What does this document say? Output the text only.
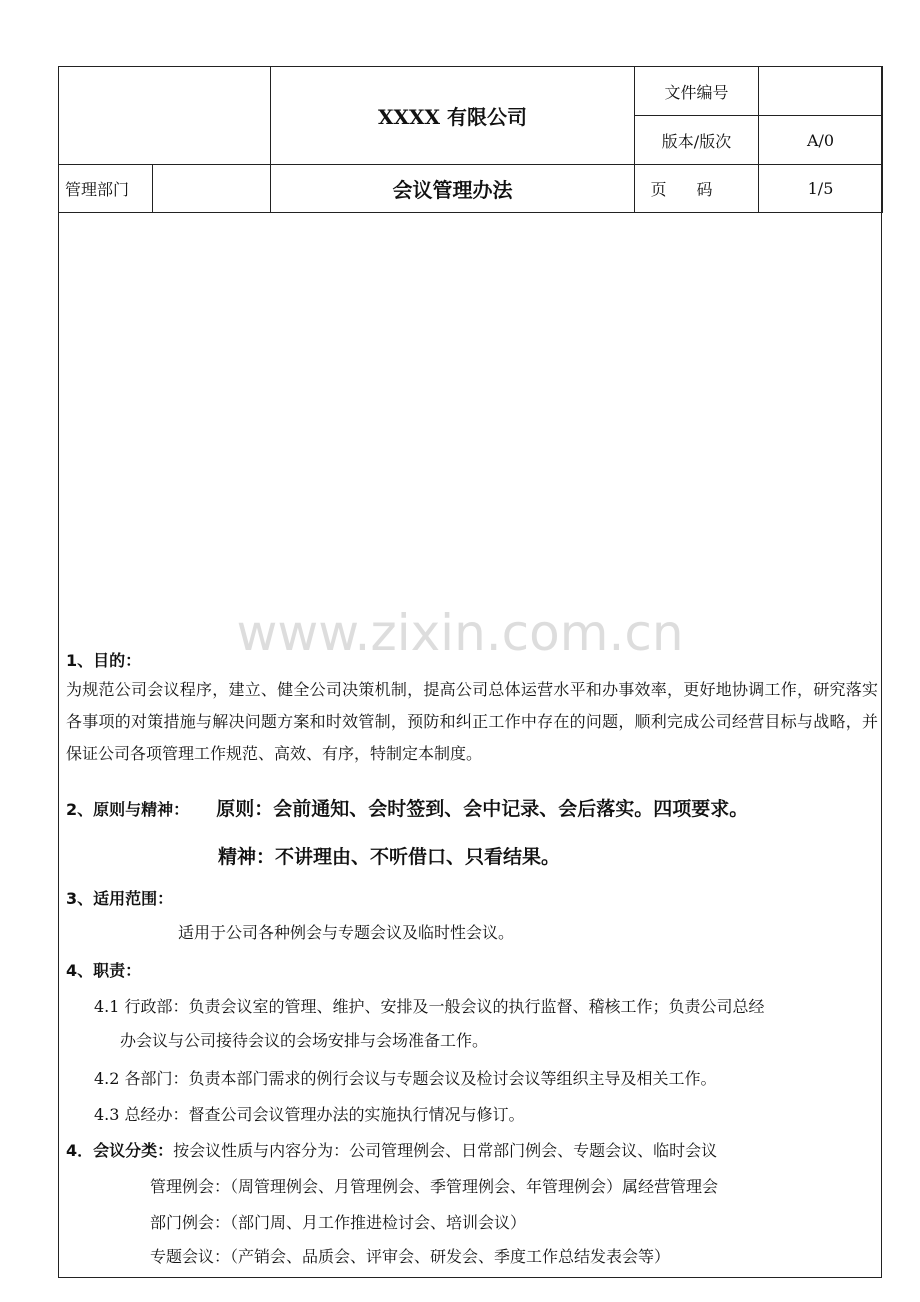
		XXXX 有限公司	文件编号	
			版本/版次	A/0
管理部门		会议管理办法	页码	1/5
www.zixin.com.cn
1、目的：
为规范公司会议程序，建立、健全公司决策机制，提高公司总体运营水平和办事效率，更好地协调工作，研究落实各事项的对策措施与解决问题方案和时效管制，预防和纠正工作中存在的问题，顺利完成公司经营目标与战略，并保证公司各项管理工作规范、高效、有序，特制定本制度。
2、原则与精神： 原则：会前通知、会时签到、会中记录、会后落实。四项要求。
精神：不讲理由、不听借口、只看结果。
3、适用范围：
适用于公司各种例会与专题会议及临时性会议。
4、职责：
4.1 行政部：负责会议室的管理、维护、安排及一般会议的执行监督、稽核工作；负责公司总经
办会议与公司接待会议的会场安排与会场准备工作。
4.2 各部门：负责本部门需求的例行会议与专题会议及检讨会议等组织主导及相关工作。
4.3 总经办：督查公司会议管理办法的实施执行情况与修订。
4．会议分类：按会议性质与内容分为：公司管理例会、日常部门例会、专题会议、临时会议
管理例会：（周管理例会、月管理例会、季管理例会、年管理例会）属经营管理会
部门例会：（部门周、月工作推进检讨会、培训会议）
专题会议：（产销会、品质会、评审会、研发会、季度工作总结发表会等）
